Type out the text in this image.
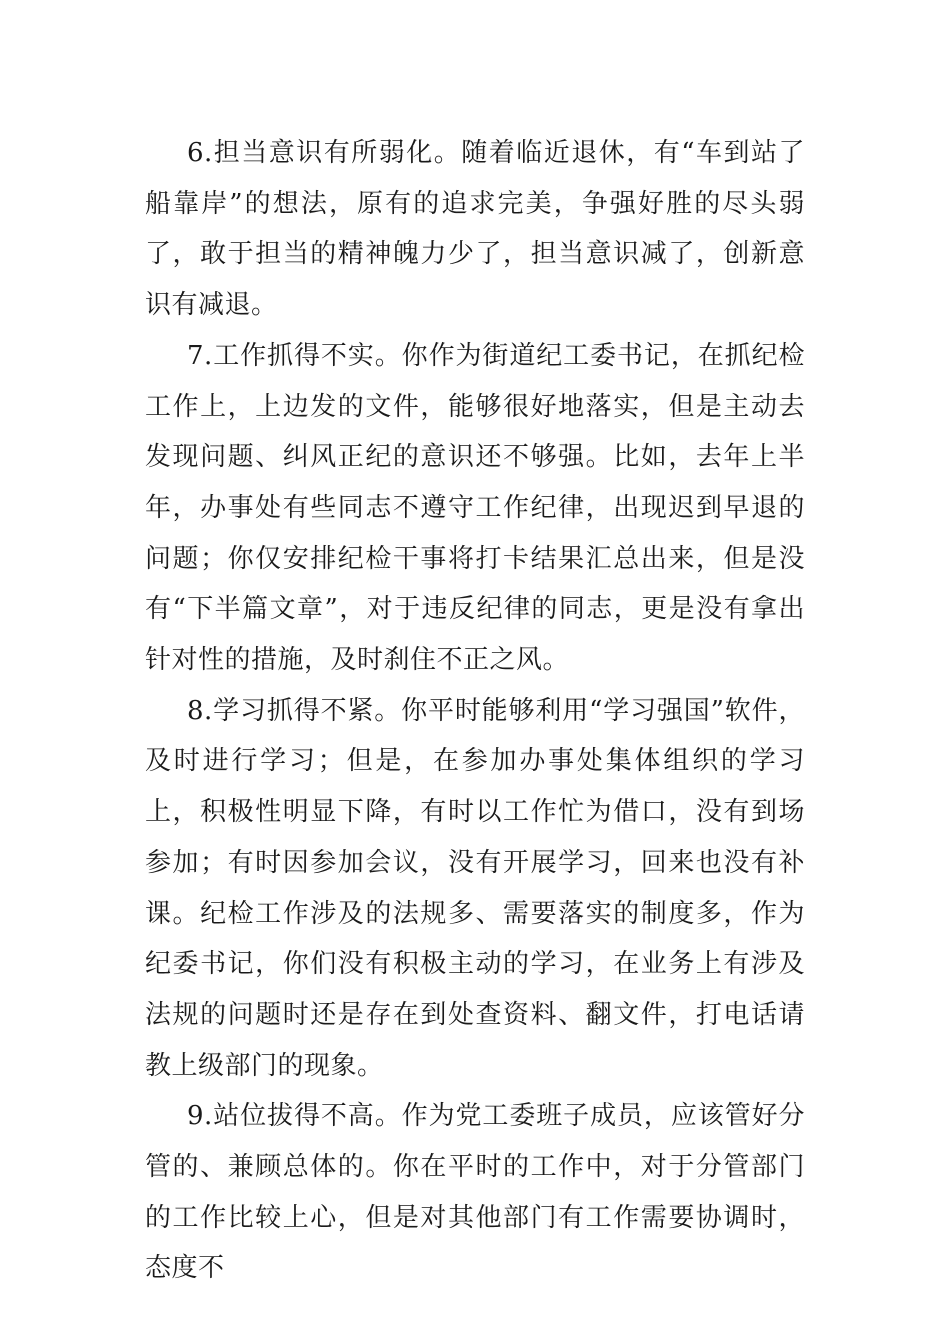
6.担当意识有所弱化。随着临近退休，有“车到站了船靠岸”的想法，原有的追求完美，争强好胜的尽头弱了，敢于担当的精神魄力少了，担当意识减了，创新意识有减退。

7.工作抓得不实。你作为街道纪工委书记，在抓纪检工作上，上边发的文件，能够很好地落实，但是主动去发现问题、纠风正纪的意识还不够强。比如，去年上半年，办事处有些同志不遵守工作纪律，出现迟到早退的问题；你仅安排纪检干事将打卡结果汇总出来，但是没有“下半篇文章”，对于违反纪律的同志，更是没有拿出针对性的措施，及时刹住不正之风。

8.学习抓得不紧。你平时能够利用“学习强国”软件，及时进行学习；但是，在参加办事处集体组织的学习上，积极性明显下降，有时以工作忙为借口，没有到场参加；有时因参加会议，没有开展学习，回来也没有补课。纪检工作涉及的法规多、需要落实的制度多，作为纪委书记，你们没有积极主动的学习，在业务上有涉及法规的问题时还是存在到处查资料、翻文件，打电话请教上级部门的现象。

9.站位拔得不高。作为党工委班子成员，应该管好分管的、兼顾总体的。你在平时的工作中，对于分管部门的工作比较上心，但是对其他部门有工作需要协调时，态度不
